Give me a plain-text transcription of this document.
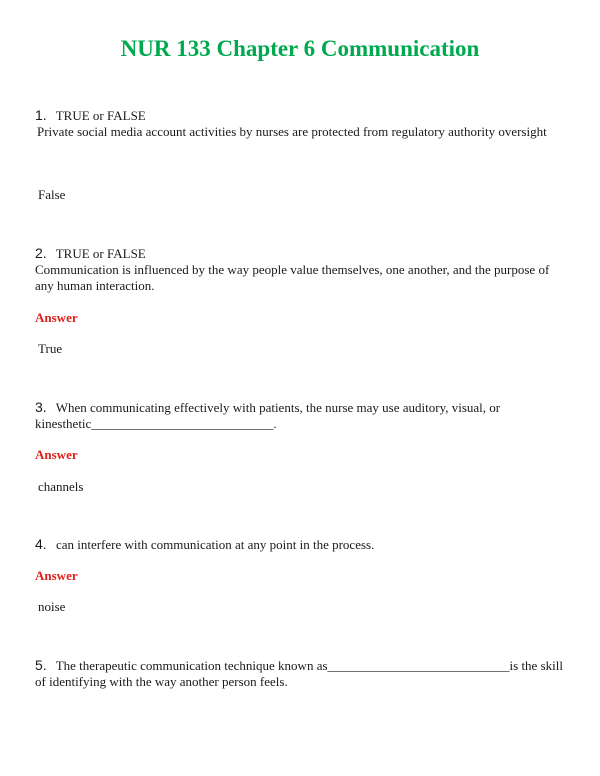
NUR 133 Chapter 6 Communication
1. TRUE or FALSE

Private social media account activities by nurses are protected from regulatory authority oversight

False
2. TRUE or FALSE

Communication is influenced by the way people value themselves, one another, and the purpose of any human interaction.

Answer
True
3. When communicating effectively with patients, the nurse may use auditory, visual, or kinesthetic____________________________.
Answer
channels
4. can interfere with communication at any point in the process.
Answer
noise
5. The therapeutic communication technique known as____________________________is the skill of identifying with the way another person feels.
